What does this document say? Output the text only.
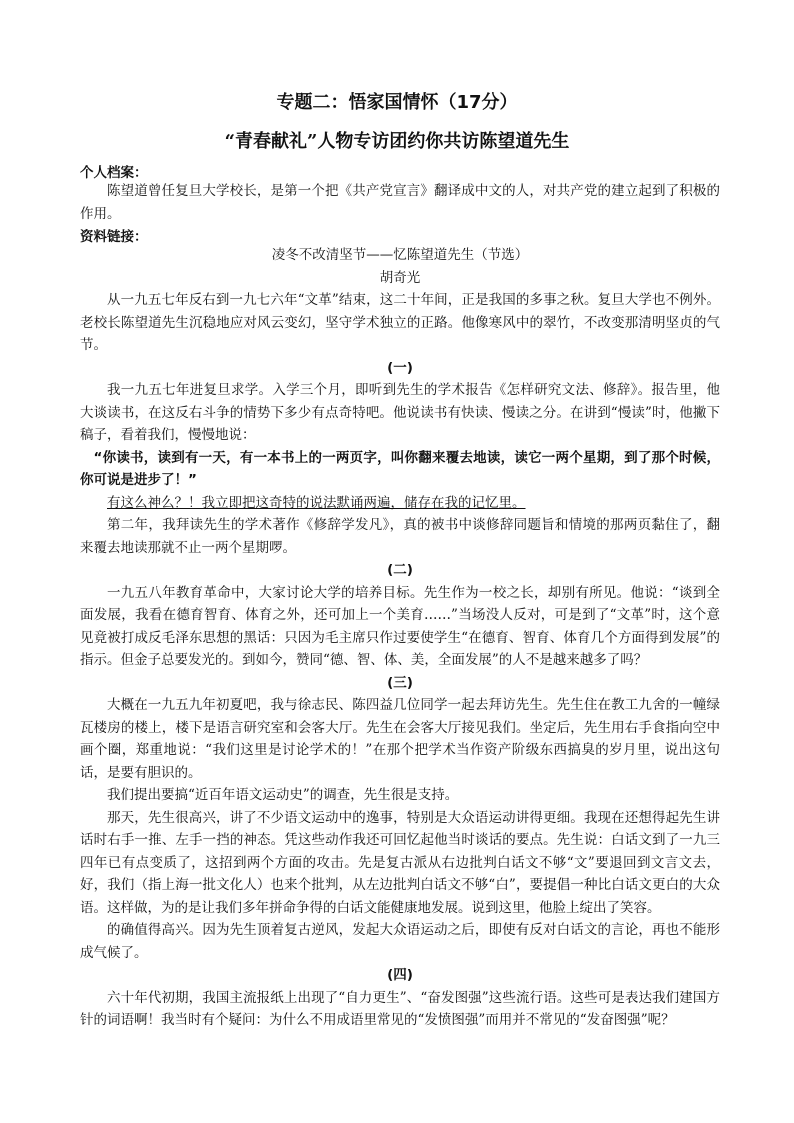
专题二：悟家国情怀（17分）
“青春献礼”人物专访团约你共访陈望道先生
个人档案：

陈望道曾任复旦大学校长，是第一个把《共产党宣言》翻译成中文的人，对共产党的建立起到了积极的作用。

资料链接：

凌冬不改清坚节——忆陈望道先生（节选）

胡奇光

从一九五七年反右到一九七六年“文革”结束，这二十年间，正是我国的多事之秋。复旦大学也不例外。老校长陈望道先生沉稳地应对风云变幻，坚守学术独立的正路。他像寒风中的翠竹，不改变那清明坚贞的气节。

(一)

我一九五七年进复旦求学。入学三个月，即听到先生的学术报告《怎样研究文法、修辞》。报告里，他大谈读书，在这反右斗争的情势下多少有点奇特吧。他说读书有快读、慢读之分。在讲到“慢读”时，他撇下稿子，看着我们，慢慢地说：

“你读书，读到有一天，有一本书上的一两页字，叫你翻来覆去地读，读它一两个星期，到了那个时候，你可说是进步了！”

有这么神么？！我立即把这奇特的说法默诵两遍，储存在我的记忆里。

第二年，我拜读先生的学术著作《修辞学发凡》，真的被书中谈修辞同题旨和情境的那两页黏住了，翻来覆去地读那就不止一两个星期啰。

(二)

一九五八年教育革命中，大家讨论大学的培养目标。先生作为一校之长，却别有所见。他说：“谈到全面发展，我看在德育智育、体育之外，还可加上一个美育……”当场没人反对，可是到了“文革”时，这个意见竟被打成反毛泽东思想的黑话：只因为毛主席只作过要使学生“在德育、智育、体育几个方面得到发展”的指示。但金子总要发光的。到如今，赞同“德、智、体、美，全面发展”的人不是越来越多了吗？

(三)

大概在一九五九年初夏吧，我与徐志民、陈四益几位同学一起去拜访先生。先生住在教工九舍的一幢绿瓦楼房的楼上，楼下是语言研究室和会客大厅。先生在会客大厅接见我们。坐定后，先生用右手食指向空中画个圈，郑重地说：“我们这里是讨论学术的！”在那个把学术当作资产阶级东西搞臭的岁月里，说出这句话，是要有胆识的。

我们提出要搞“近百年语文运动史”的调查，先生很是支持。

那天，先生很高兴，讲了不少语文运动中的逸事，特别是大众语运动讲得更细。我现在还想得起先生讲话时右手一推、左手一挡的神态。凭这些动作我还可回忆起他当时谈话的要点。先生说：白话文到了一九三四年已有点变质了，这招到两个方面的攻击。先是复古派从右边批判白话文不够“文”要退回到文言文去，好，我们（指上海一批文化人）也来个批判，从左边批判白话文不够“白”，要提倡一种比白话文更白的大众语。这样做，为的是让我们多年拼命争得的白话文能健康地发展。说到这里，他脸上绽出了笑容。

的确值得高兴。因为先生顶着复古逆风，发起大众语运动之后，即使有反对白话文的言论，再也不能形成气候了。

(四)

六十年代初期，我国主流报纸上出现了“自力更生”、“奋发图强”这些流行语。这些可是表达我们建国方针的词语啊！我当时有个疑问：为什么不用成语里常见的“发愤图强”而用并不常见的“发奋图强”呢？
